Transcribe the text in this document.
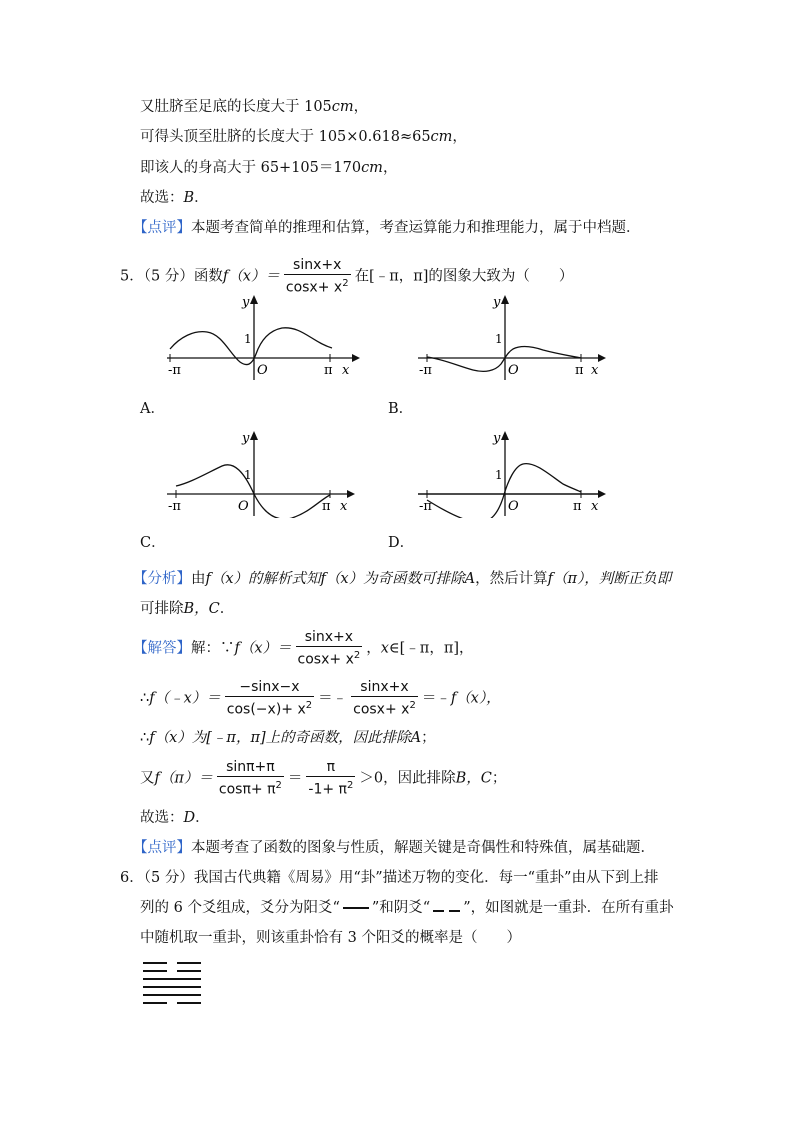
又肚脐至足底的长度大于 105cm，
可得头顶至肚脐的长度大于 105×0.618≈65cm，
即该人的身高大于 65+105＝170cm，
故选：B．
【点评】本题考查简单的推理和估算，考查运算能力和推理能力，属于中档题．
5．（5 分）函数$f(x)= \frac{\sin x+x}{\cos x+ x^2}$ 在[﹣π，π]的图象大致为（　　）
y
1
-π	O	π x
y
1
-π	O	π x
A．	B．
y
1
-π	O	π x
y
1
-π	O	π x
C．	D．
【分析】由f（x）的解析式知f（x）为奇函数可排除A，然后计算f（π），判断正负即
可排除B，C．
【解答】解：∵f（x）＝ $\frac{\sin x+x}{\cos x+ x^2}$ ，x∈[﹣π，π]，
∴f（﹣x）＝ $\frac{-\sin x-x}{\cos(-x)+ x^2}$ ＝﹣ $\frac{\sin x+x}{\cos x+ x^2}$ ＝﹣f（x），
∴f（x）为[﹣π，π]上的奇函数，因此排除A；
又$f(\pi)= \frac{\sin\pi+\pi}{\cos\pi+ \pi^2} = \frac{\pi}{-1+ \pi^2} >0$，因此排除B，C；
故选：D．
【点评】本题考查了函数的图象与性质，解题关键是奇偶性和特殊值，属基础题．
6．（5 分）我国古代典籍《周易》用“卦”描述万物的变化．每一“重卦”由从下到上排
列的 6 个爻组成，爻分为阳爻“ ”和阴爻“ ”，如图就是一重卦．在所有重卦
中随机取一重卦，则该重卦恰有 3 个阳爻的概率是（　　）
